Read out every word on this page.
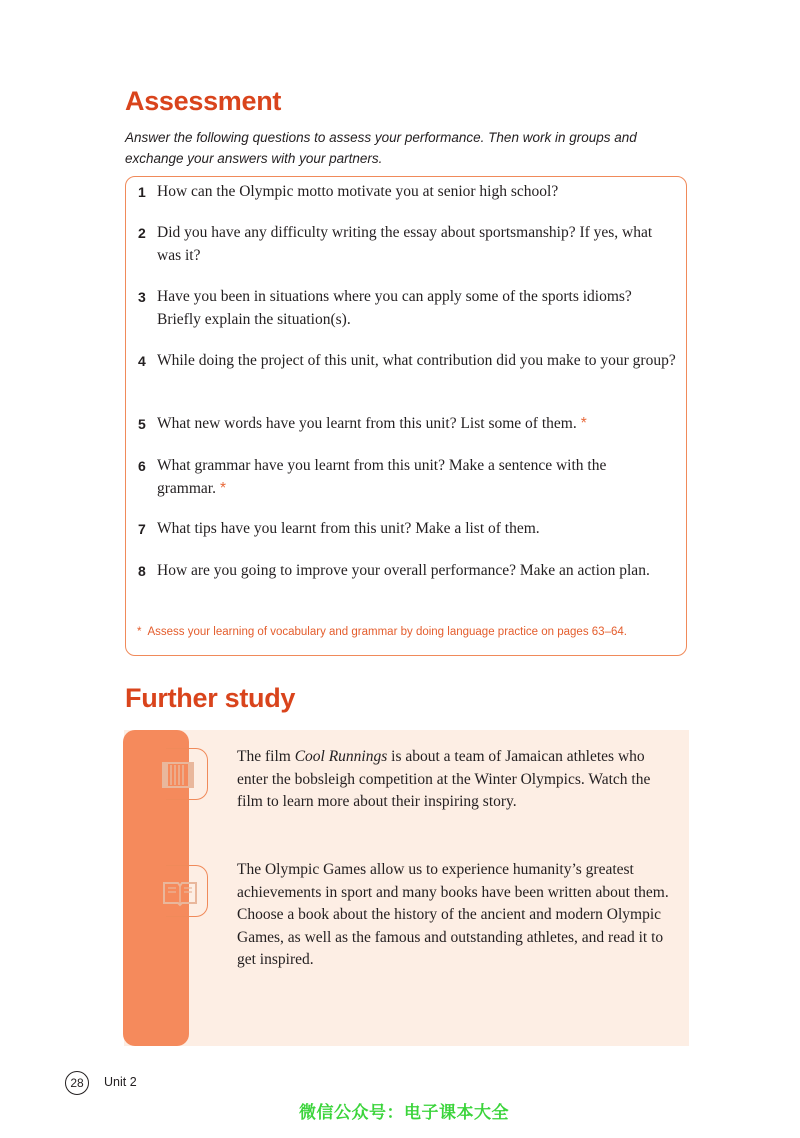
Assessment
Answer the following questions to assess your performance. Then work in groups and exchange your answers with your partners.
1 How can the Olympic motto motivate you at senior high school?
2 Did you have any difficulty writing the essay about sportsmanship? If yes, what was it?
3 Have you been in situations where you can apply some of the sports idioms? Briefly explain the situation(s).
4 While doing the project of this unit, what contribution did you make to your group?
5 What new words have you learnt from this unit? List some of them. *
6 What grammar have you learnt from this unit? Make a sentence with the grammar. *
7 What tips have you learnt from this unit? Make a list of them.
8 How are you going to improve your overall performance? Make an action plan.
* Assess your learning of vocabulary and grammar by doing language practice on pages 63–64.
Further study
The film Cool Runnings is about a team of Jamaican athletes who enter the bobsleigh competition at the Winter Olympics. Watch the film to learn more about their inspiring story.
The Olympic Games allow us to experience humanity’s greatest achievements in sport and many books have been written about them. Choose a book about the history of the ancient and modern Olympic Games, as well as the famous and outstanding athletes, and read it to get inspired.
28	Unit 2
微信公众号：电子课本大全
